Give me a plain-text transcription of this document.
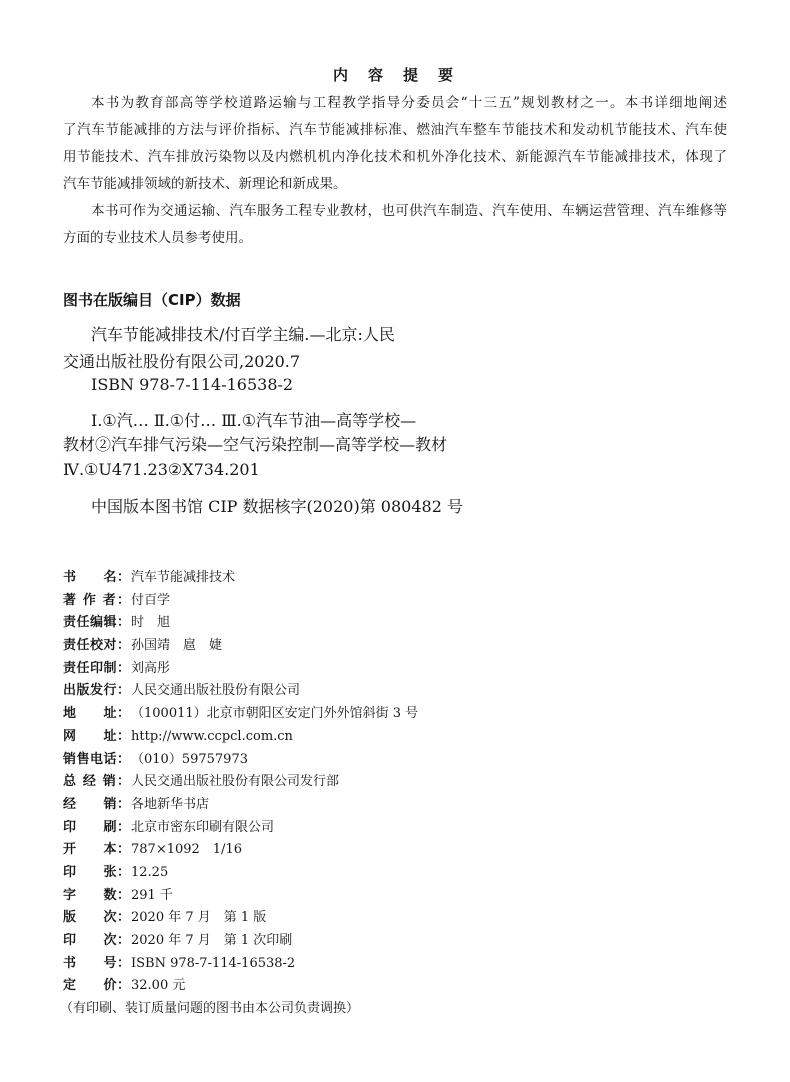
内容提要
本书为教育部高等学校道路运输与工程教学指导分委员会“十三五”规划教材之一。本书详细地阐述
了汽车节能减排的方法与评价指标、汽车节能减排标准、燃油汽车整车节能技术和发动机节能技术、汽车使
用节能技术、汽车排放污染物以及内燃机机内净化技术和机外净化技术、新能源汽车节能减排技术，体现了
汽车节能减排领域的新技术、新理论和新成果。
本书可作为交通运输、汽车服务工程专业教材，也可供汽车制造、汽车使用、车辆运营管理、汽车维修等
方面的专业技术人员参考使用。
图书在版编目（CIP）数据
汽车节能减排技术/付百学主编.—北京:人民
交通出版社股份有限公司,2020.7
ISBN 978-7-114-16538-2
Ⅰ.①汽… Ⅱ.①付… Ⅲ.①汽车节油—高等学校—
教材②汽车排气污染—空气污染控制—高等学校—教材
Ⅳ.①U471.23②X734.201
中国版本图书馆 CIP 数据核字(2020)第 080482 号
书　　名：汽车节能减排技术
著 作 者：付百学
责任编辑：时　旭
责任校对：孙国靖　扈　婕
责任印制：刘高彤
出版发行：人民交通出版社股份有限公司
地　　址：（100011）北京市朝阳区安定门外外馆斜街 3 号
网　　址：http://www.ccpcl.com.cn
销售电话：（010）59757973
总 经 销：人民交通出版社股份有限公司发行部
经　　销：各地新华书店
印　　刷：北京市密东印刷有限公司
开　　本：787×1092　1/16
印　　张：12.25
字　　数：291 千
版　　次：2020 年 7 月　第 1 版
印　　次：2020 年 7 月　第 1 次印刷
书　　号：ISBN 978-7-114-16538-2
定　　价：32.00 元
（有印刷、装订质量问题的图书由本公司负责调换）
